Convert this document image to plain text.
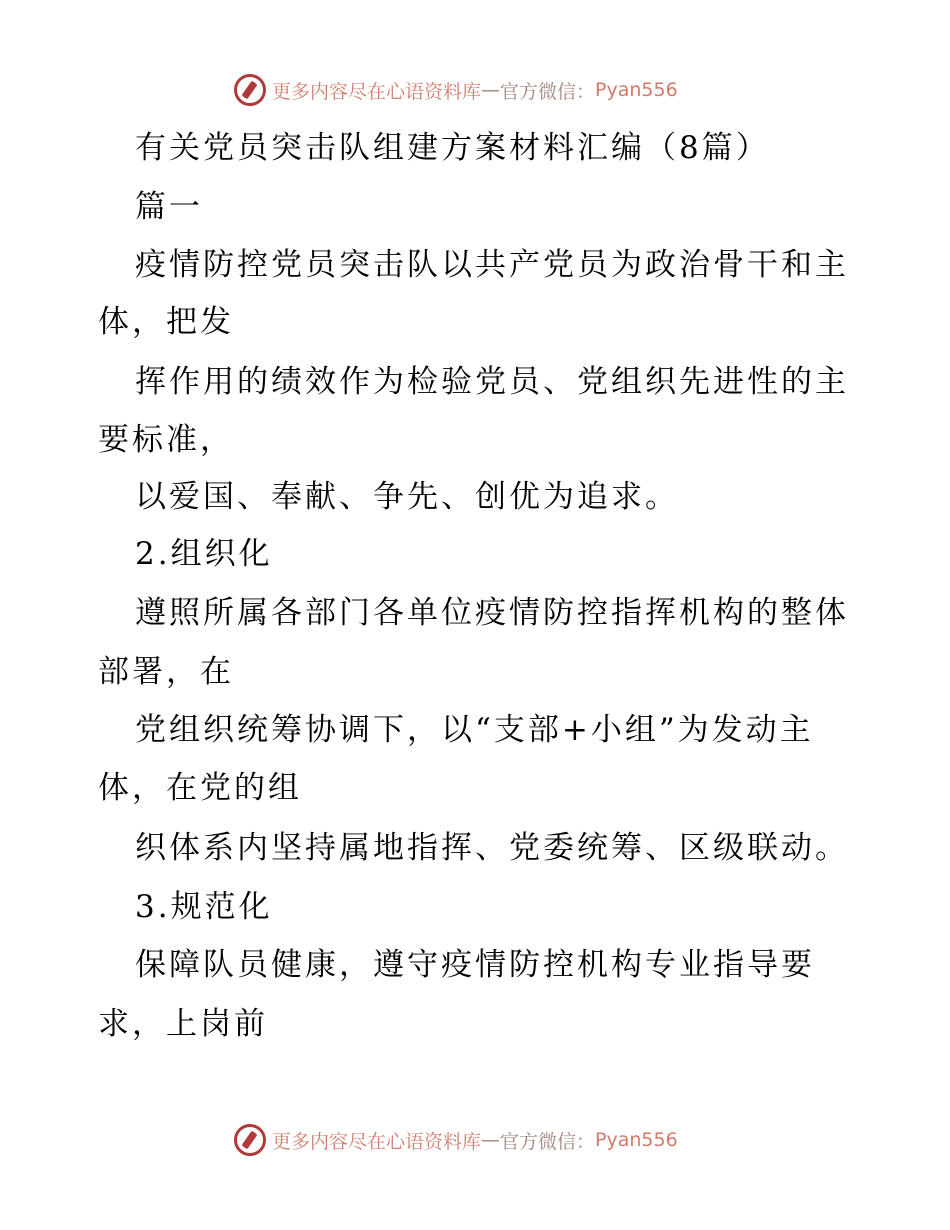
更多内容尽在心语资料库 — 官方微信： Pyan556
有关党员突击队组建方案材料汇编（8篇）
篇一
疫情防控党员突击队以共产党员为政治骨干和主
体，把发
挥作用的绩效作为检验党员、党组织先进性的主
要标准，
以爱国、奉献、争先、创优为追求。
2.组织化
遵照所属各部门各单位疫情防控指挥机构的整体
部署，在
党组织统筹协调下，以“支部+小组”为发动主
体，在党的组
织体系内坚持属地指挥、党委统筹、区级联动。
3.规范化
保障队员健康，遵守疫情防控机构专业指导要
求，上岗前
更多内容尽在心语资料库 — 官方微信： Pyan556
